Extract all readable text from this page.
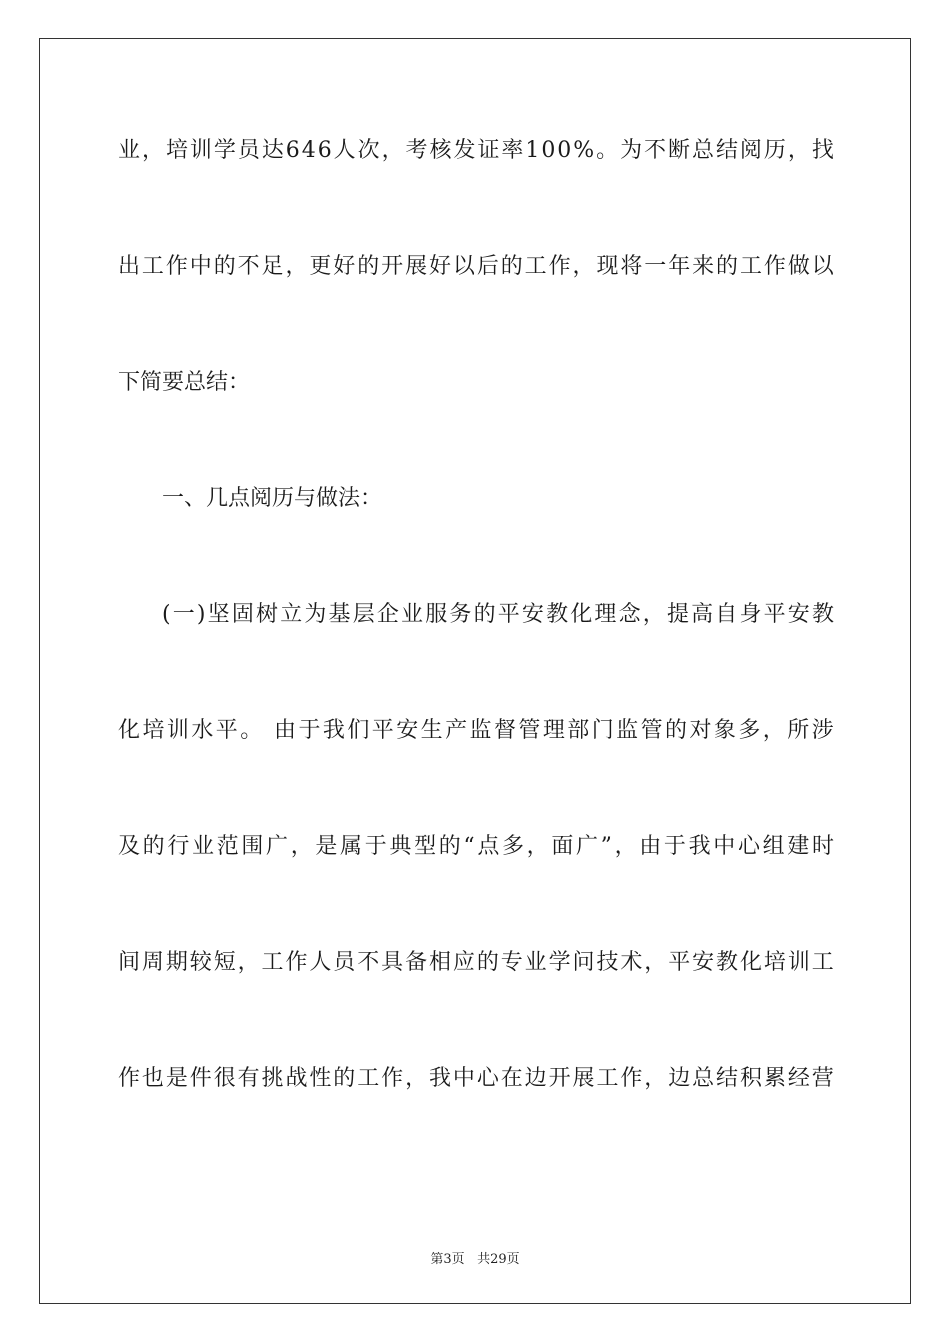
业 ， 培 训 学 员 达 6 4 6 人 次 ， 考 核 发 证 率 1 0 0 % 。 为 不 断 总 结 阅 历 ， 找
出 工 作 中 的 不 足 ， 更 好 的 开 展 好 以 后 的 工 作 ， 现 将 一 年 来 的 工 作 做 以
下简要总结：
一、几点阅历与做法：
( 一 ) 坚 固 树 立 为 基 层 企 业 服 务 的 平 安 教 化 理 念 ， 提 高 自 身 平 安 教
化 培 训 水 平 。
由 于 我 们 平 安 生 产 监 督 管 理 部 门 监 管 的 对 象 多 ， 所 涉
及 的 行 业 范 围 广 ， 是 属 于 典 型 的 “ 点 多 ， 面 广 ” ， 由 于 我 中 心 组 建 时
间 周 期 较 短 ， 工 作 人 员 不 具 备 相 应 的 专 业 学 问 技 术 ， 平 安 教 化 培 训 工
作 也 是 件 很 有 挑 战 性 的 工 作 ， 我 中 心 在 边 开 展 工 作 ， 边 总 结 积 累 经 营
第3页 共29页
